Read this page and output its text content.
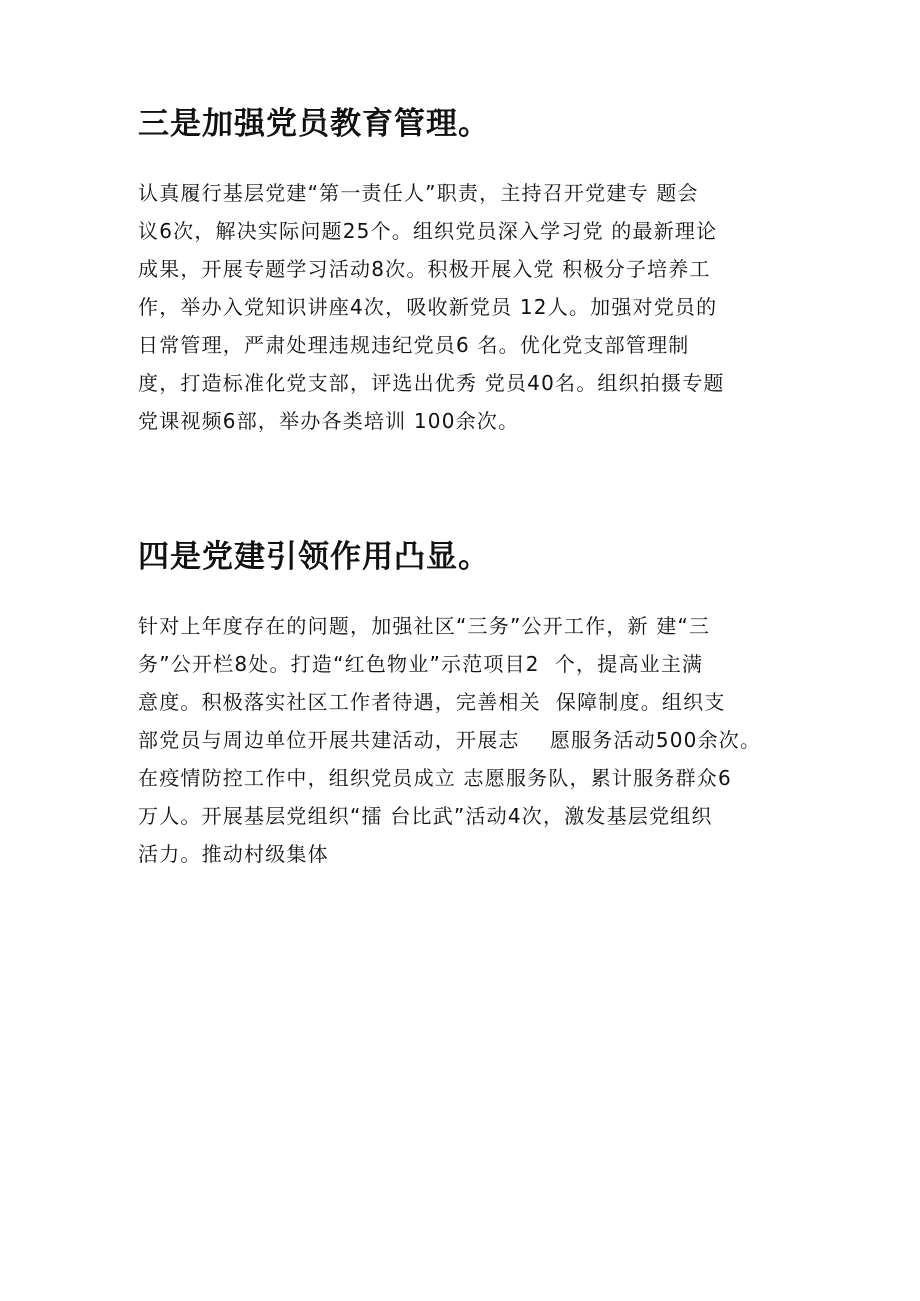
三是加强党员教育管理。

认真履行基层党建“第一责任人”职责，主持召开党建专 题会

议6次，解决实际问题25个。组织党员深入学习党 的最新理论

成果，开展专题学习活动8次。积极开展入党 积极分子培养工

作，举办入党知识讲座4次，吸收新党员 12人。加强对党员的

日常管理，严肃处理违规违纪党员6 名。优化党支部管理制

度，打造标准化党支部，评选出优秀 党员40名。组织拍摄专题

党课视频6部，举办各类培训 100余次。

四是党建引领作用凸显。

针对上年度存在的问题，加强社区“三务”公开工作，新 建“三

务”公开栏8处。打造“红色物业”示范项目2  个，提高业主满

意度。积极落实社区工作者待遇，完善相关  保障制度。组织支

部党员与周边单位开展共建活动，开展志    愿服务活动500余次。

在疫情防控工作中，组织党员成立 志愿服务队，累计服务群众6

万人。开展基层党组织“擂 台比武”活动4次，激发基层党组织

活力。推动村级集体
